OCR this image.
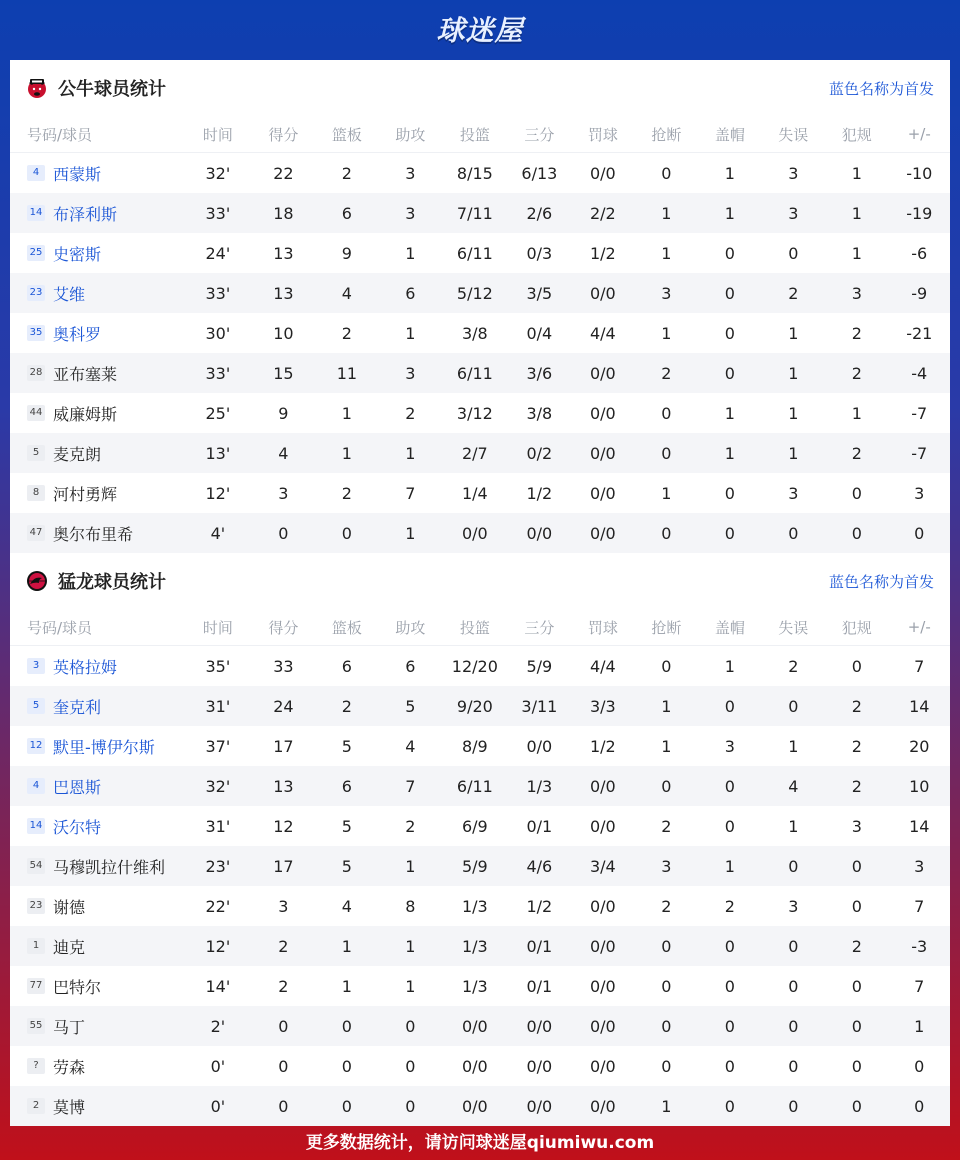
球迷屋
公牛球员统计	蓝色名称为首发
号码/球员	时间	得分	篮板	助攻	投篮	三分	罚球	抢断	盖帽	失误	犯规	+/-
4 西蒙斯	32'	22	2	3	8/15	6/13	0/0	0	1	3	1	-10
14 布泽利斯	33'	18	6	3	7/11	2/6	2/2	1	1	3	1	-19
25 史密斯	24'	13	9	1	6/11	0/3	1/2	1	0	0	1	-6
23 艾维	33'	13	4	6	5/12	3/5	0/0	3	0	2	3	-9
35 奥科罗	30'	10	2	1	3/8	0/4	4/4	1	0	1	2	-21
28 亚布塞莱	33'	15	11	3	6/11	3/6	0/0	2	0	1	2	-4
44 威廉姆斯	25'	9	1	2	3/12	3/8	0/0	0	1	1	1	-7
5 麦克朗	13'	4	1	1	2/7	0/2	0/0	0	1	1	2	-7
8 河村勇辉	12'	3	2	7	1/4	1/2	0/0	1	0	3	0	3
47 奥尔布里希	4'	0	0	1	0/0	0/0	0/0	0	0	0	0	0
猛龙球员统计	蓝色名称为首发
号码/球员	时间	得分	篮板	助攻	投篮	三分	罚球	抢断	盖帽	失误	犯规	+/-
3 英格拉姆	35'	33	6	6	12/20	5/9	4/4	0	1	2	0	7
5 奎克利	31'	24	2	5	9/20	3/11	3/3	1	0	0	2	14
12 默里-博伊尔斯	37'	17	5	4	8/9	0/0	1/2	1	3	1	2	20
4 巴恩斯	32'	13	6	7	6/11	1/3	0/0	0	0	4	2	10
14 沃尔特	31'	12	5	2	6/9	0/1	0/0	2	0	1	3	14
54 马穆凯拉什维利	23'	17	5	1	5/9	4/6	3/4	3	1	0	0	3
23 谢德	22'	3	4	8	1/3	1/2	0/0	2	2	3	0	7
1 迪克	12'	2	1	1	1/3	0/1	0/0	0	0	0	2	-3
77 巴特尔	14'	2	1	1	1/3	0/1	0/0	0	0	0	0	7
55 马丁	2'	0	0	0	0/0	0/0	0/0	0	0	0	0	1
? 劳森	0'	0	0	0	0/0	0/0	0/0	0	0	0	0	0
2 莫博	0'	0	0	0	0/0	0/0	0/0	1	0	0	0	0
更多数据统计，请访问球迷屋qiumiwu.com
